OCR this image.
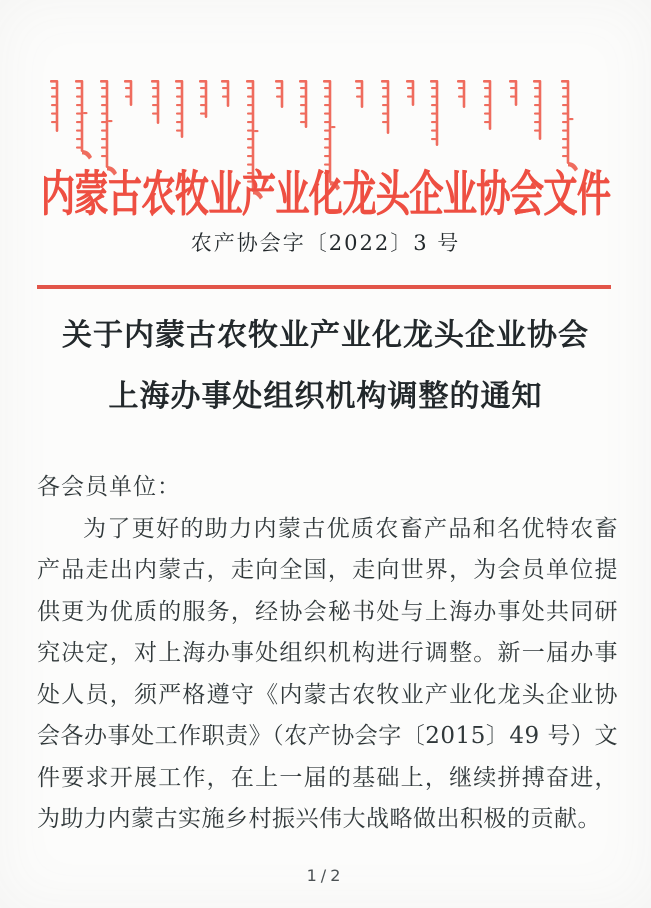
内蒙古农牧业产业化龙头企业协会文件
农产协会字〔2022〕3 号
关于内蒙古农牧业产业化龙头企业协会
上海办事处组织机构调整的通知

各会员单位：

为了更好的助力内蒙古优质农畜产品和名优特农畜产品走出内蒙古，走向全国，走向世界，为会员单位提供更为优质的服务，经协会秘书处与上海办事处共同研究决定，对上海办事处组织机构进行调整。新一届办事处人员，须严格遵守《内蒙古农牧业产业化龙头企业协会各办事处工作职责》（农产协会字〔2015〕49 号）文件要求开展工作，在上一届的基础上，继续拼搏奋进，为助力内蒙古实施乡村振兴伟大战略做出积极的贡献。

1/2
